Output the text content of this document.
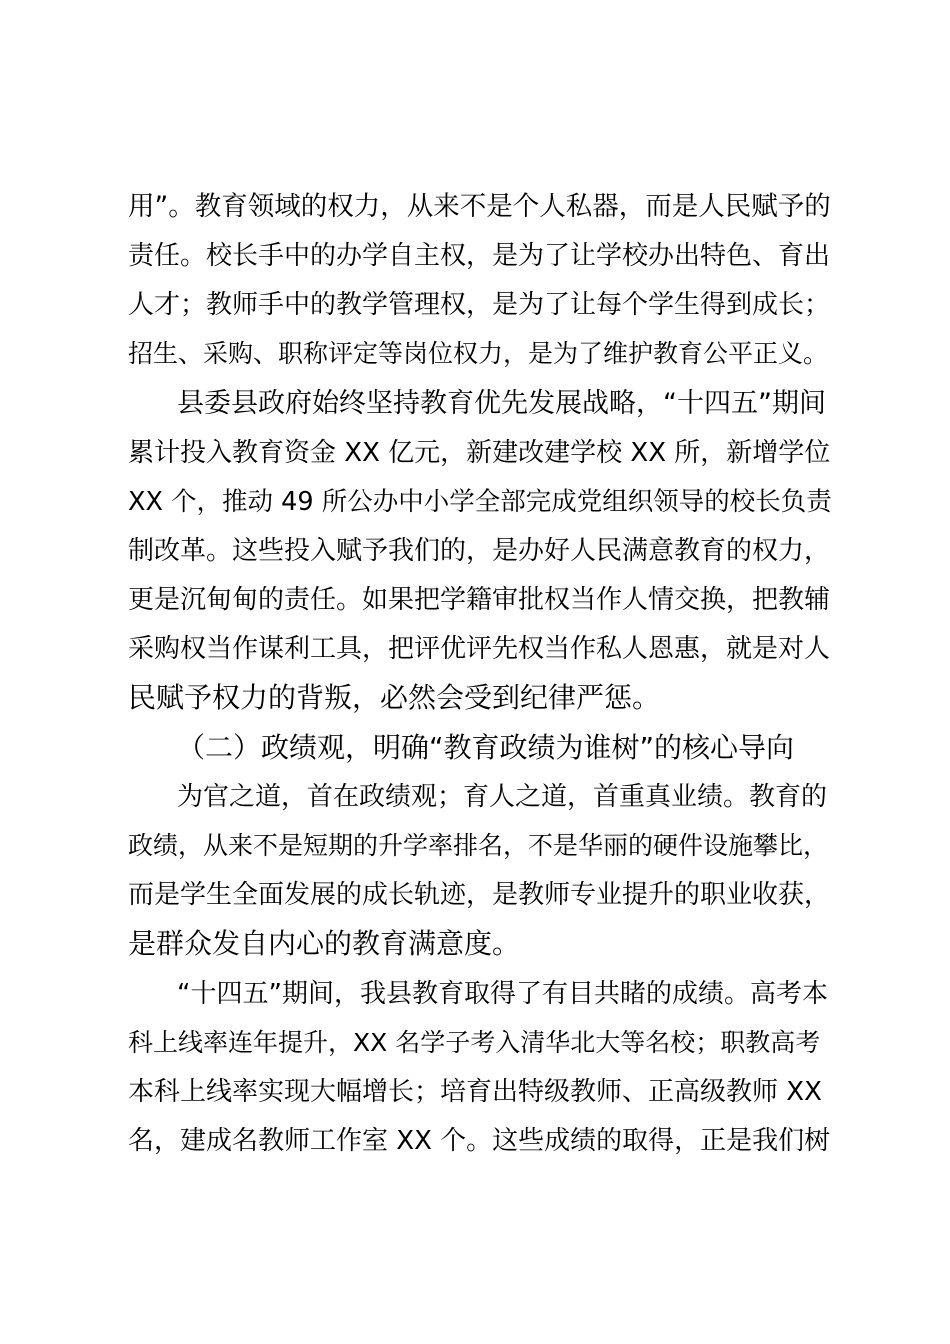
用”。教育领域的权力，从来不是个人私器，而是人民赋予的
责任。校长手中的办学自主权，是为了让学校办出特色、育出
人才；教师手中的教学管理权，是为了让每个学生得到成长；
招生、采购、职称评定等岗位权力，是为了维护教育公平正义。
县委县政府始终坚持教育优先发展战略，“十四五”期间
累计投入教育资金 XX 亿元，新建改建学校 XX 所，新增学位
XX 个，推动 49 所公办中小学全部完成党组织领导的校长负责
制改革。这些投入赋予我们的，是办好人民满意教育的权力，
更是沉甸甸的责任。如果把学籍审批权当作人情交换，把教辅
采购权当作谋利工具，把评优评先权当作私人恩惠，就是对人
民赋予权力的背叛，必然会受到纪律严惩。
（二）政绩观，明确“教育政绩为谁树”的核心导向
为官之道，首在政绩观；育人之道，首重真业绩。教育的
政绩，从来不是短期的升学率排名，不是华丽的硬件设施攀比，
而是学生全面发展的成长轨迹，是教师专业提升的职业收获，
是群众发自内心的教育满意度。
“十四五”期间，我县教育取得了有目共睹的成绩。高考本
科上线率连年提升，XX 名学子考入清华北大等名校；职教高考
本科上线率实现大幅增长；培育出特级教师、正高级教师 XX
名，建成名教师工作室 XX 个。这些成绩的取得，正是我们树
